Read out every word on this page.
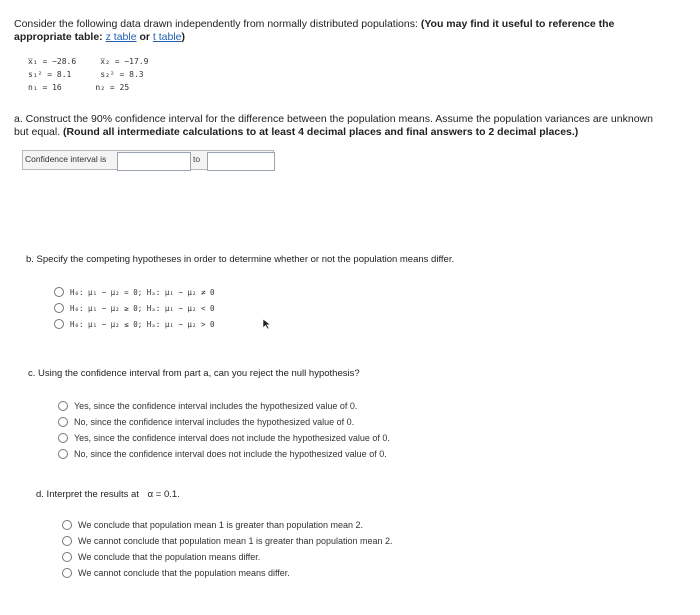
Consider the following data drawn independently from normally distributed populations: (You may find it useful to reference the appropriate table: z table or t table)
x̅₁ = −28.6     x̅₂ = −17.9
s₁² = 8.1      s₂² = 8.3
n₁ = 16       n₂ = 25
a. Construct the 90% confidence interval for the difference between the population means. Assume the population variances are unknown but equal. (Round all intermediate calculations to at least 4 decimal places and final answers to 2 decimal places.)
Confidence interval is	to
b. Specify the competing hypotheses in order to determine whether or not the population means differ.
H₀: μ₁ − μ₂ = 0; Hₐ: μ₁ − μ₂ ≠ 0
H₀: μ₁ − μ₂ ≥ 0; Hₐ: μ₁ − μ₂ < 0
H₀: μ₁ − μ₂ ≤ 0; Hₐ: μ₁ − μ₂ > 0
c. Using the confidence interval from part a, can you reject the null hypothesis?
Yes, since the confidence interval includes the hypothesized value of 0.
No, since the confidence interval includes the hypothesized value of 0.
Yes, since the confidence interval does not include the hypothesized value of 0.
No, since the confidence interval does not include the hypothesized value of 0.
d. Interpret the results at α = 0.1.
We conclude that population mean 1 is greater than population mean 2.
We cannot conclude that population mean 1 is greater than population mean 2.
We conclude that the population means differ.
We cannot conclude that the population means differ.
